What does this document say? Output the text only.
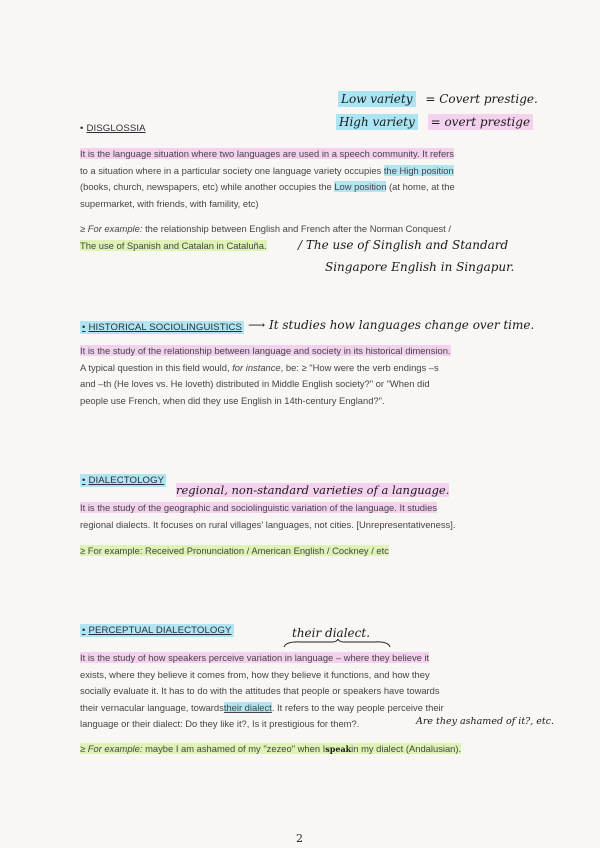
Low variety = Covert prestige.
High variety = overt prestige
• DISGLOSSIA

It is the language situation where two languages are used in a speech community. It refers

to a situation where in a particular society one language variety occupies the High position

(books, church, newspapers, etc) while another occupies the Low position (at home, at the

supermarket, with friends, with famility, etc)

≥ For example: the relationship between English and French after the Norman Conquest /

The use of Spanish and Catalan in Cataluña.	/ The use of Singlish and Standard
Singapore English in Singapur.
• HISTORICAL SOCIOLINGUISTICS ⟶ It studies how languages change over time.

It is the study of the relationship between language and society in its historical dimension.

A typical question in this field would, for instance, be: ≥ "How were the verb endings –s

and –th (He loves vs. He loveth) distributed in Middle English society?" or "When did

people use French, when did they use English in 14th-century England?".

• DIALECTOLOGY
regional, non-standard varieties of a language.

It is the study of the geographic and sociolinguistic variation of the language. It studies

regional dialects. It focuses on rural villages' languages, not cities. [Unrepresentativeness].

≥ For example: Received Pronunciation / American English / Cockney / etc

• PERCEPTUAL DIALECTOLOGY	their dialect.

It is the study of how speakers perceive variation in language – where they believe it

exists, where they believe it comes from, how they believe it functions, and how they

socially evaluate it. It has to do with the attitudes that people or speakers have towards

their vernacular language, towardstheir dialect. It refers to the way people perceive their

language or their dialect: Do they like it?, Is it prestigious for them?.	Are they ashamed of it?, etc.

≥ For example: maybe I am ashamed of my "zezeo" when Ispeakin my dialect (Andalusian).

2
